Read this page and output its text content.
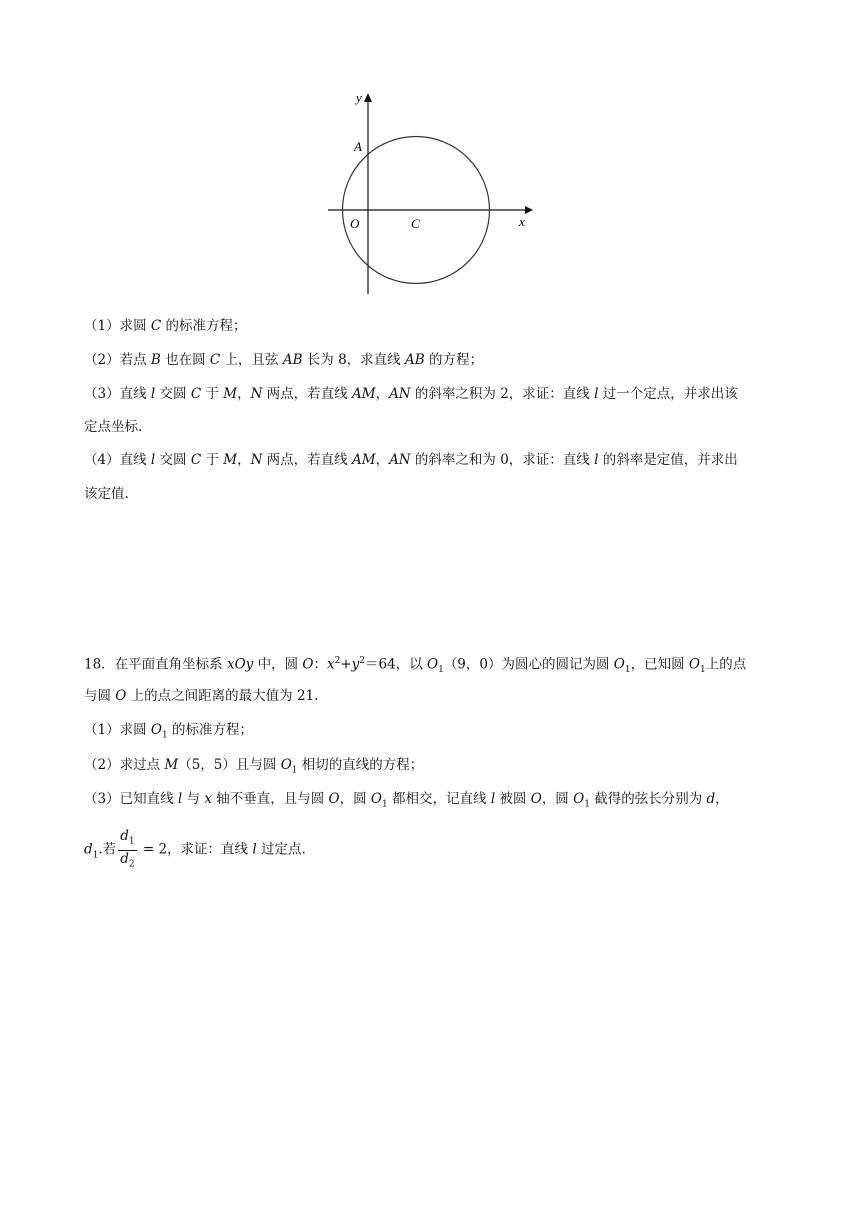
y
x
A
O	C
（1）求圆 C 的标准方程；
（2）若点 B 也在圆 C 上，且弦 AB 长为 8，求直线 AB 的方程；
（3）直线 l 交圆 C 于 M，N 两点，若直线 AM，AN 的斜率之积为 2，求证：直线 l 过一个定点，并求出该
定点坐标.
（4）直线 l 交圆 C 于 M，N 两点，若直线 AM，AN 的斜率之和为 0，求证：直线 l 的斜率是定值，并求出
该定值.
18．在平面直角坐标系 xOy 中，圆 O：$x^2+y^2=64$，以 $O_1(9$，0）为圆心的圆记为圆 $O_1$，已知圆 $O_1$上的点
与圆 O 上的点之间距离的最大值为 21.
（1）求圆 $O_1$ 的标准方程；
（2）求过点 M（5，5）且与圆 $O_1$ 相切的直线的方程；
（3）已知直线 l 与 x 轴不垂直，且与圆 O，圆 $O_1$ 都相交，记直线 l 被圆 O，圆 $O_1$ 截得的弦长分别为 d，
$d_1$.若 $\frac{d_1}{d_2} = 2$，求证：直线 l 过定点.
